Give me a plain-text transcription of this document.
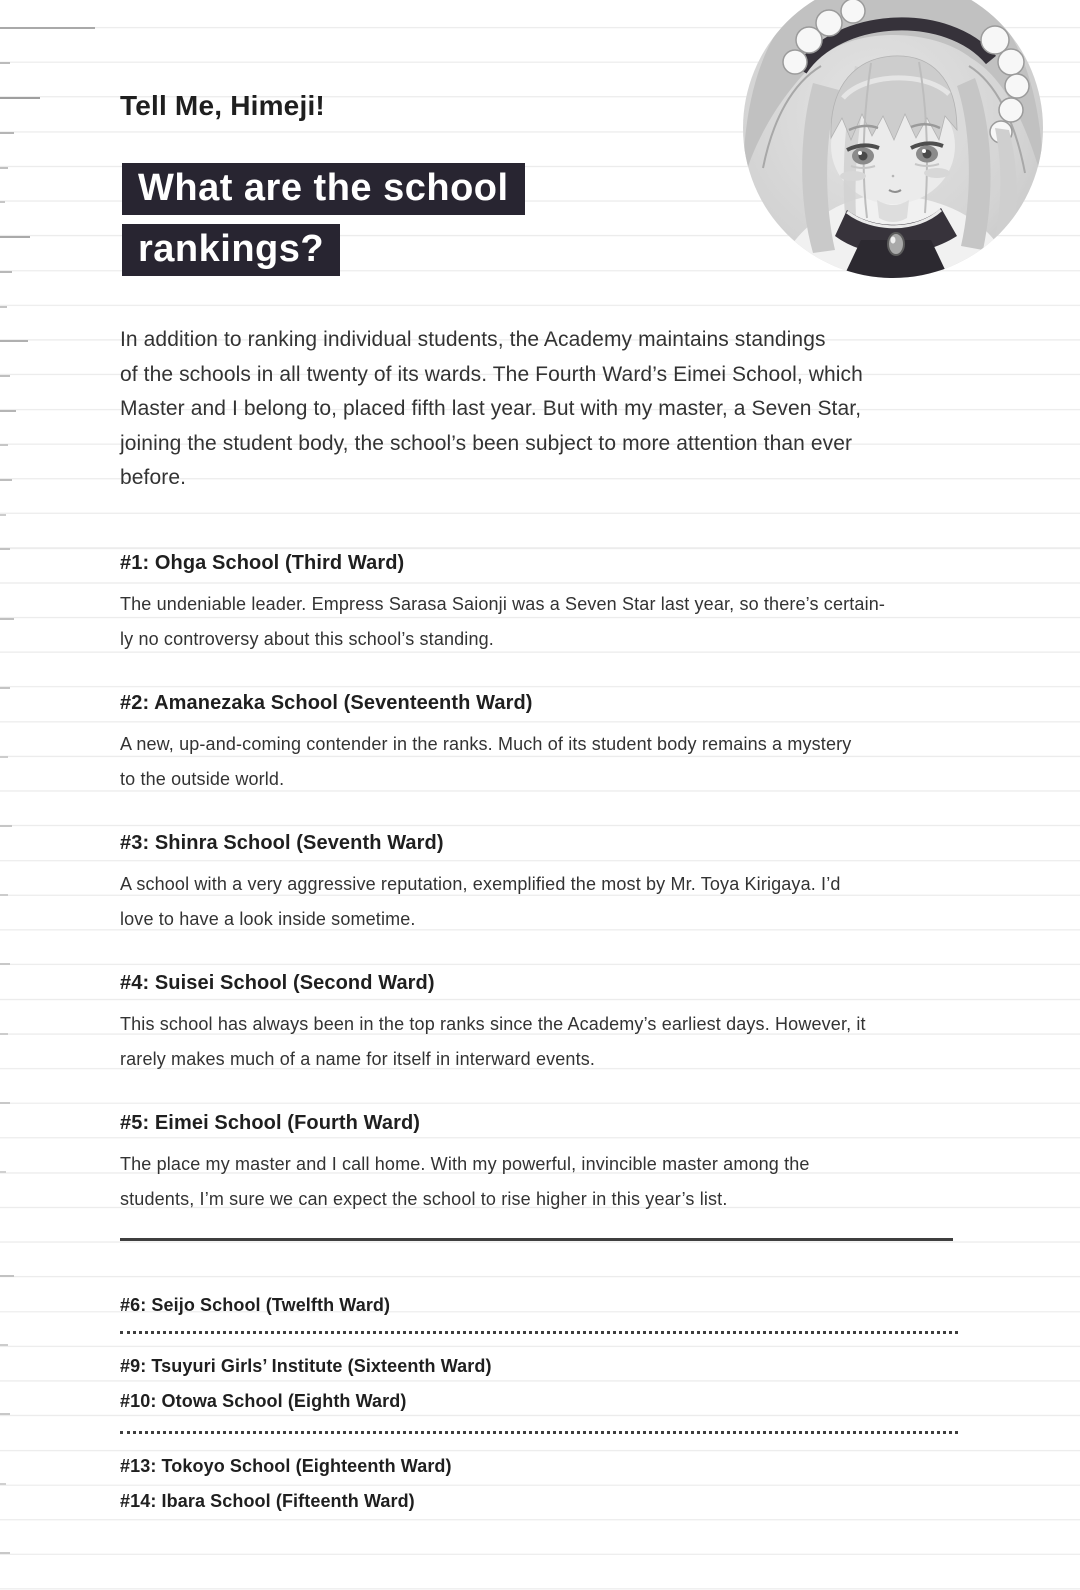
Tell Me, Himeji!
What are the school
rankings?
In addition to ranking individual students, the Academy maintains standings
of the schools in all twenty of its wards. The Fourth Ward’s Eimei School, which
Master and I belong to, placed fifth last year. But with my master, a Seven Star,
joining the student body, the school’s been subject to more attention than ever
before.
#1: Ohga School (Third Ward)
The undeniable leader. Empress Sarasa Saionji was a Seven Star last year, so there’s certain-
ly no controversy about this school’s standing.
#2: Amanezaka School (Seventeenth Ward)
A new, up-and-coming contender in the ranks. Much of its student body remains a mystery
to the outside world.
#3: Shinra School (Seventh Ward)
A school with a very aggressive reputation, exemplified the most by Mr. Toya Kirigaya. I’d
love to have a look inside sometime.
#4: Suisei School (Second Ward)
This school has always been in the top ranks since the Academy’s earliest days. However, it
rarely makes much of a name for itself in interward events.
#5: Eimei School (Fourth Ward)
The place my master and I call home. With my powerful, invincible master among the
students, I’m sure we can expect the school to rise higher in this year’s list.
#6: Seijo School (Twelfth Ward)
#9: Tsuyuri Girls’ Institute (Sixteenth Ward)
#10: Otowa School (Eighth Ward)
#13: Tokoyo School (Eighteenth Ward)
#14: Ibara School (Fifteenth Ward)
